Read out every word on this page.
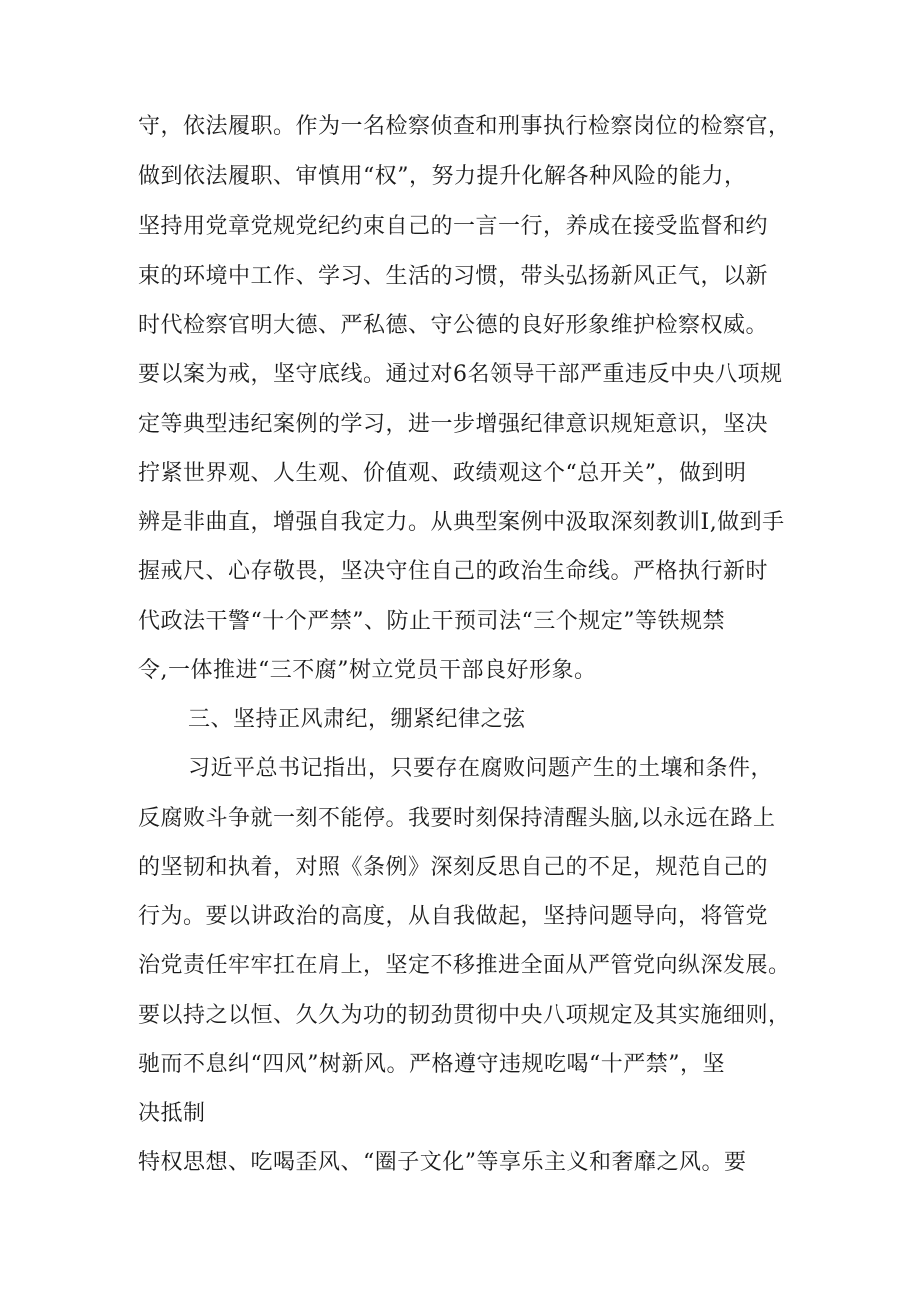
守，依法履职。作为一名检察侦查和刑事执行检察岗位的检察官，

做到依法履职、审慎用“权”，努力提升化解各种风险的能力，

坚持用党章党规党纪约束自己的一言一行，养成在接受监督和约

束的环境中工作、学习、生活的习惯，带头弘扬新风正气，以新

时代检察官明大德、严私德、守公德的良好形象维护检察权威。

要以案为戒，坚守底线。通过对6名领导干部严重违反中央八项规

定等典型违纪案例的学习，进一步增强纪律意识规矩意识，坚决

拧紧世界观、人生观、价值观、政绩观这个“总开关”，做到明

辨是非曲直，增强自我定力。从典型案例中汲取深刻教训I,做到手

握戒尺、心存敬畏，坚决守住自己的政治生命线。严格执行新时

代政法干警“十个严禁”、防止干预司法“三个规定”等铁规禁

令,一体推进“三不腐”树立党员干部良好形象。

三、坚持正风肃纪，绷紧纪律之弦

习近平总书记指出，只要存在腐败问题产生的土壤和条件，

反腐败斗争就一刻不能停。我要时刻保持清醒头脑,以永远在路上

的坚韧和执着，对照《条例》深刻反思自己的不足，规范自己的

行为。要以讲政治的高度，从自我做起，坚持问题导向，将管党

治党责任牢牢扛在肩上，坚定不移推进全面从严管党向纵深发展。

要以持之以恒、久久为功的韧劲贯彻中央八项规定及其实施细则，

驰而不息纠“四风”树新风。严格遵守违规吃喝“十严禁”，坚

决抵制

特权思想、吃喝歪风、“圈子文化”等享乐主义和奢靡之风。要
